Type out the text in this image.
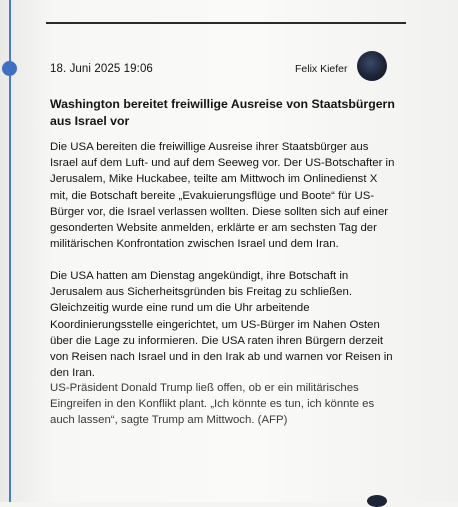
18. Juni 2025 19:06	Felix Kiefer
Washington bereitet freiwillige Ausreise von Staatsbürgern aus Israel vor

Die USA bereiten die freiwillige Ausreise ihrer Staatsbürger aus Israel auf dem Luft- und auf dem Seeweg vor. Der US-Botschafter in Jerusalem, Mike Huckabee, teilte am Mittwoch im Onlinedienst X mit, die Botschaft bereite „Evakuierungsflüge und Boote“ für US-Bürger vor, die Israel verlassen wollten. Diese sollten sich auf einer gesonderten Website anmelden, erklärte er am sechsten Tag der militärischen Konfrontation zwischen Israel und dem Iran.

Die USA hatten am Dienstag angekündigt, ihre Botschaft in Jerusalem aus Sicherheitsgründen bis Freitag zu schließen. Gleichzeitig wurde eine rund um die Uhr arbeitende Koordinierungsstelle eingerichtet, um US-Bürger im Nahen Osten über die Lage zu informieren. Die USA raten ihren Bürgern derzeit von Reisen nach Israel und in den Irak ab und warnen vor Reisen in den Iran.

US-Präsident Donald Trump ließ offen, ob er ein militärisches Eingreifen in den Konflikt plant. „Ich könnte es tun, ich könnte es auch lassen“, sagte Trump am Mittwoch. (AFP)
